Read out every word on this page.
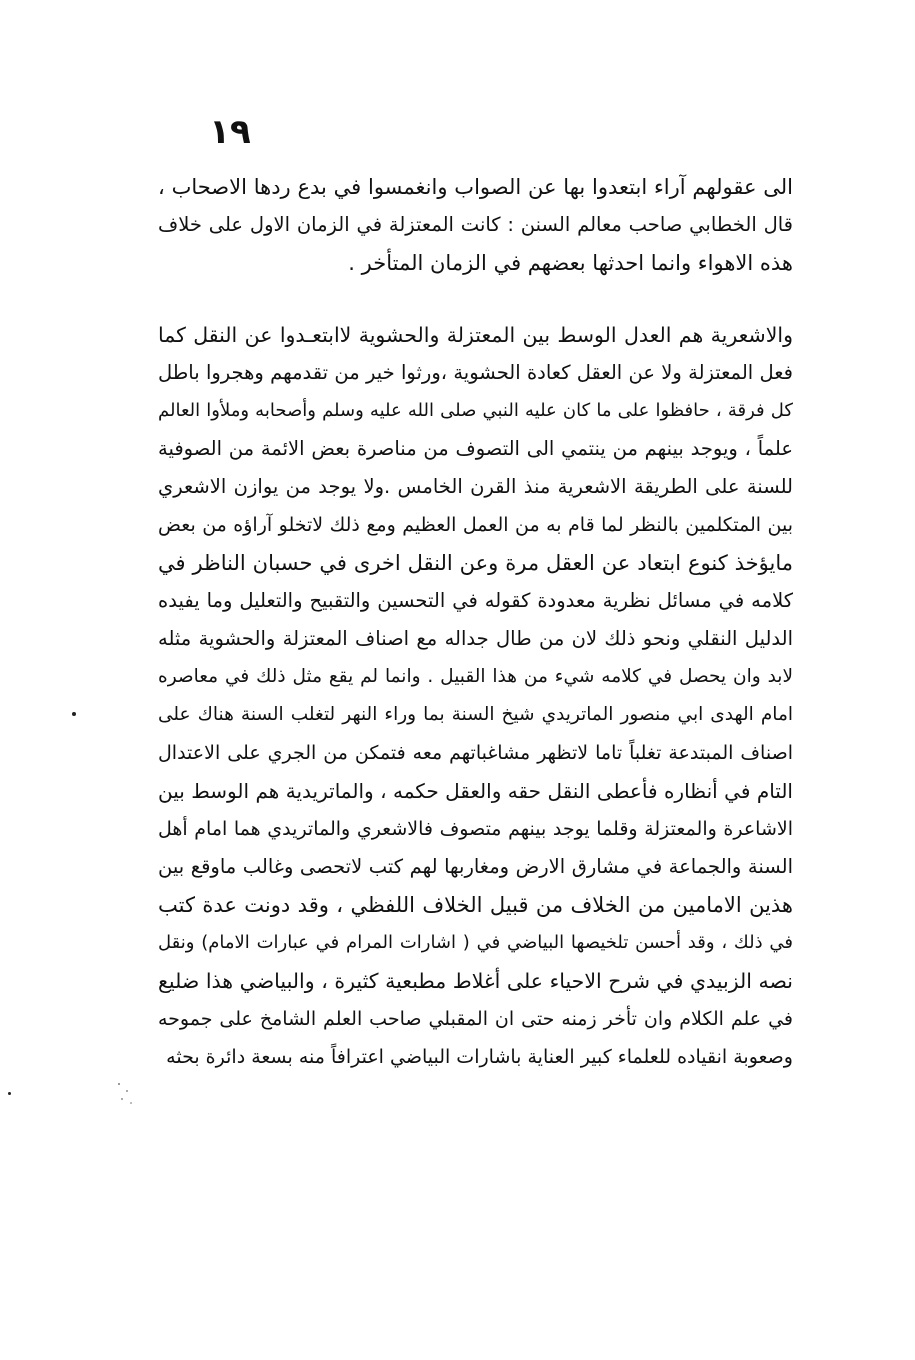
١٩
الى عقولهم آراء ابتعدوا بها عن الصواب وانغمسوا في بدع ردها الاصحاب ،
قال الخطابي صاحب معالم السنن : كانت المعتزلة في الزمان الاول على خلاف
هذه الاهواء وانما احدثها بعضهم في الزمان المتأخر .
والاشعرية هم العدل الوسط بين المعتزلة والحشوية لاابتعـدوا عن النقل كما
فعل المعتزلة ولا عن العقل كعادة الحشوية ،ورثوا خير من تقدمهم وهجروا باطل
كل فرقة ، حافظوا على ما كان عليه النبي صلى الله عليه وسلم وأصحابه وملأوا العالم
علماً ، ويوجد بينهم من ينتمي الى التصوف من مناصرة بعض الائمة من الصوفية
للسنة على الطريقة الاشعرية منذ القرن الخامس .ولا يوجد من يوازن الاشعري
بين المتكلمين بالنظر لما قام به من العمل العظيم ومع ذلك لاتخلو آراؤه من بعض
مايؤخذ كنوع ابتعاد عن العقل مرة وعن النقل اخرى في حسبان الناظر في
كلامه في مسائل نظرية معدودة كقوله في التحسين والتقبيح والتعليل وما يفيده
الدليل النقلي ونحو ذلك لان من طال جداله مع اصناف المعتزلة والحشوية مثله
لابد وان يحصل في كلامه شيء من هذا القبيل . وانما لم يقع مثل ذلك في معاصره
امام الهدى ابي منصور الماتريدي شيخ السنة بما وراء النهر لتغلب السنة هناك على
اصناف المبتدعة تغلباً تاما لاتظهر مشاغباتهم معه فتمكن من الجري على الاعتدال
التام في أنظاره فأعطى النقل حقه والعقل حكمه ، والماتريدية هم الوسط بين
الاشاعرة والمعتزلة وقلما يوجد بينهم متصوف فالاشعري والماتريدي هما امام أهل
السنة والجماعة في مشارق الارض ومغاربها لهم كتب لاتحصى وغالب ماوقع بين
هذين الامامين من الخلاف من قبيل الخلاف اللفظي ، وقد دونت عدة كتب
في ذلك ، وقد أحسن تلخيصها البياضي في ( اشارات المرام في عبارات الامام) ونقل
نصه الزبيدي في شرح الاحياء على أغلاط مطبعية كثيرة ، والبياضي هذا ضليع
في علم الكلام وان تأخر زمنه حتى ان المقبلي صاحب العلم الشامخ على جموحه
وصعوبة انقياده للعلماء كبير العناية باشارات البياضي اعترافاً منه بسعة دائرة بحثه
